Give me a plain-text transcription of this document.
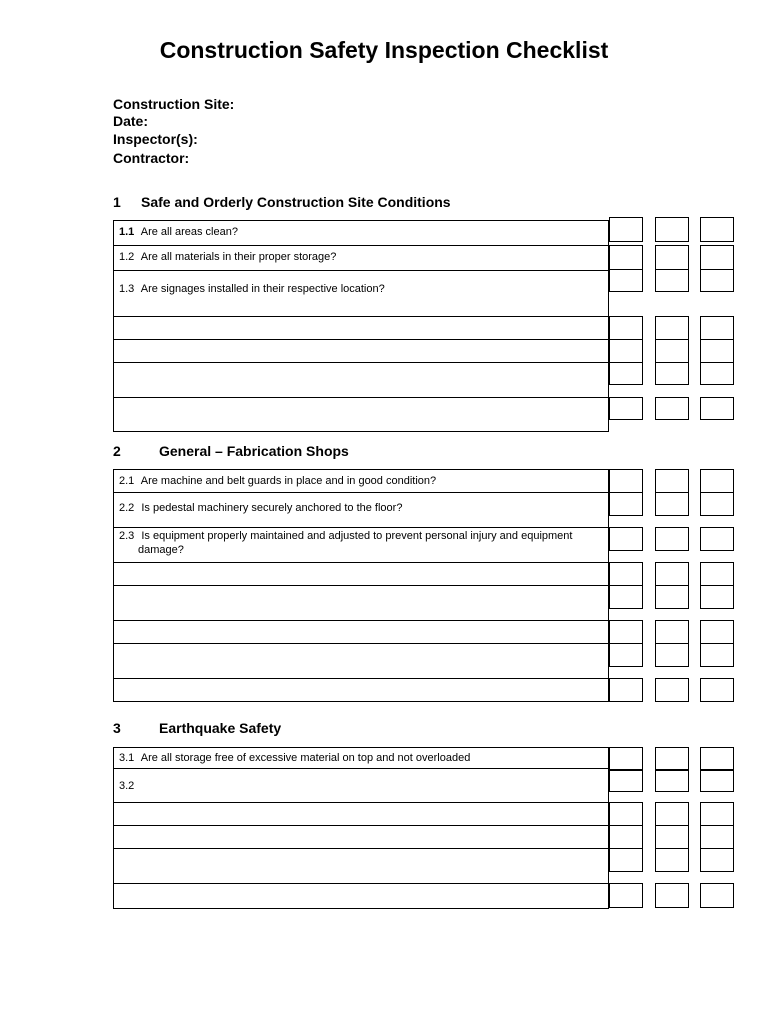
Construction Safety Inspection Checklist
Construction Site:
Date:
Inspector(s):
Contractor:
1 Safe and Orderly Construction Site Conditions
1.1 Are all areas clean?
1.2 Are all materials in their proper storage?
1.3 Are signages installed in their respective location?
2	General – Fabrication Shops
2.1 Are machine and belt guards in place and in good condition?
2.2 Is pedestal machinery securely anchored to the floor?
2.3 Is equipment properly maintained and adjusted to prevent personal injury and equipment
damage?
3	Earthquake Safety
3.1 Are all storage free of excessive material on top and not overloaded
3.2
